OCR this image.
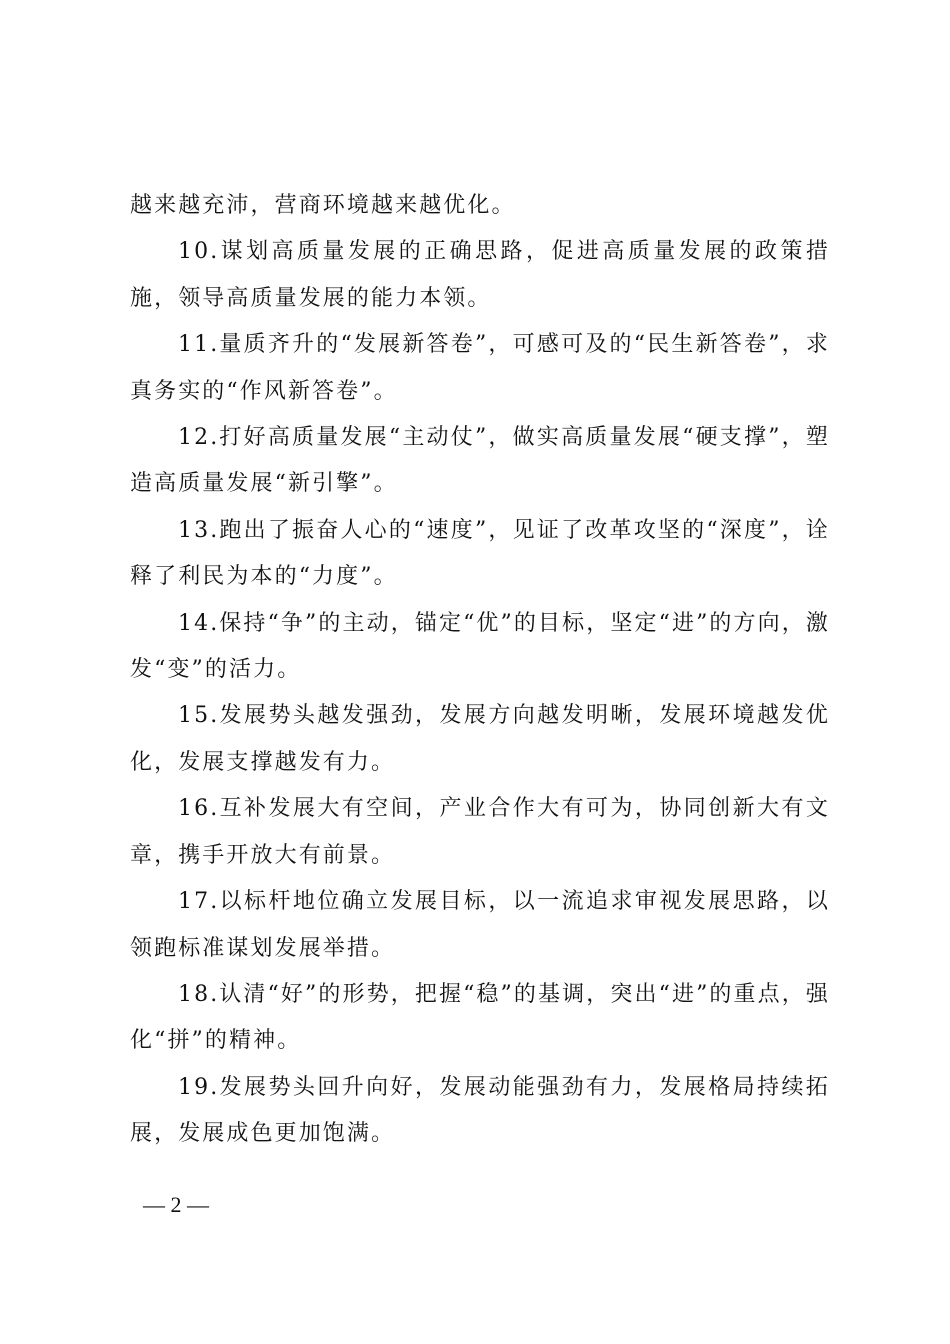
越来越充沛，营商环境越来越优化。

10.谋划高质量发展的正确思路，促进高质量发展的政策措施，领导高质量发展的能力本领。

11.量质齐升的“发展新答卷”，可感可及的“民生新答卷”，求真务实的“作风新答卷”。

12.打好高质量发展“主动仗”，做实高质量发展“硬支撑”，塑造高质量发展“新引擎”。

13.跑出了振奋人心的“速度”，见证了改革攻坚的“深度”，诠释了利民为本的“力度”。

14.保持“争”的主动，锚定“优”的目标，坚定“进”的方向，激发“变”的活力。

15.发展势头越发强劲，发展方向越发明晰，发展环境越发优化，发展支撑越发有力。

16.互补发展大有空间，产业合作大有可为，协同创新大有文章，携手开放大有前景。

17.以标杆地位确立发展目标，以一流追求审视发展思路，以领跑标准谋划发展举措。

18.认清“好”的形势，把握“稳”的基调，突出“进”的重点，强化“拼”的精神。

19.发展势头回升向好，发展动能强劲有力，发展格局持续拓展，发展成色更加饱满。

— 2 —
